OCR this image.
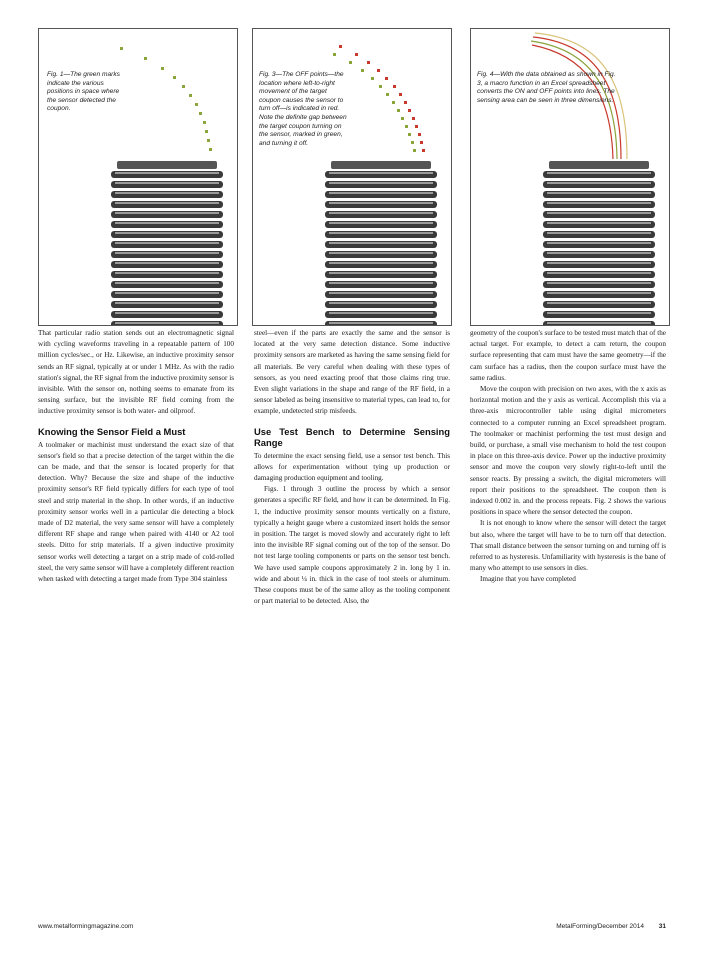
Fig. 1—The green marks indicate the various positions in space where the sensor detected the coupon.
Fig. 3—The OFF points—the location where left-to-right movement of the target coupon causes the sensor to turn off—is indicated in red. Note the definite gap between the target coupon turning on the sensor, marked in green, and turning it off.
Fig. 4—With the data obtained as shown in Fig. 3, a macro function in an Excel spreadsheet converts the ON and OFF points into lines. The sensing area can be seen in three dimensions.

That particular radio station sends out an electromagnetic signal with cycling waveforms traveling in a repeatable pattern of 100 million cycles/sec., or Hz. Likewise, an inductive proximity sensor sends an RF signal, typically at or under 1 MHz. As with the radio station's signal, the RF signal from the inductive proximity sensor is invisible. With the sensor on, nothing seems to emanate from its sensing surface, but the invisible RF field coming from the inductive proximity sensor is both water- and oilproof.

Knowing the Sensor Field a Must

A toolmaker or machinist must understand the exact size of that sensor's field so that a precise detection of the target within the die can be made, and that the sensor is located properly for that detection. Why? Because the size and shape of the inductive proximity sensor's RF field typically differs for each type of tool steel and strip material in the shop. In other words, if an inductive proximity sensor works well in a particular die detecting a block made of D2 material, the very same sensor will have a completely different RF shape and range when paired with 4140 or A2 tool steels. Ditto for strip materials. If a given inductive proximity sensor works well detecting a target on a strip made of cold-rolled steel, the very same sensor will have a completely different reaction when tasked with detecting a target made from Type 304 stainless

steel—even if the parts are exactly the same and the sensor is located at the very same detection distance. Some inductive proximity sensors are marketed as having the same sensing field for all materials. Be very careful when dealing with these types of sensors, as you need exacting proof that those claims ring true. Even slight variations in the shape and range of the RF field, in a sensor labeled as being insensitive to material types, can lead to, for example, undetected strip misfeeds.

Use Test Bench to Determine Sensing Range

To determine the exact sensing field, use a sensor test bench. This allows for experimentation without tying up production or damaging production equipment and tooling.

Figs. 1 through 3 outline the process by which a sensor generates a specific RF field, and how it can be determined. In Fig. 1, the inductive proximity sensor mounts vertically on a fixture, typically a height gauge where a customized insert holds the sensor in position. The target is moved slowly and accurately right to left into the invisible RF signal coming out of the top of the sensor. Do not test large tooling components or parts on the sensor test bench. We have used sample coupons approximately 2 in. long by 1 in. wide and about ¼ in. thick in the case of tool steels or aluminum. These coupons must be of the same alloy as the tooling component or part material to be detected. Also, the

geometry of the coupon's surface to be tested must match that of the actual target. For example, to detect a cam return, the coupon surface representing that cam must have the same geometry—if the cam surface has a radius, then the coupon surface must have the same radius.

Move the coupon with precision on two axes, with the x axis as horizontal motion and the y axis as vertical. Accomplish this via a three-axis microcontroller table using digital micrometers connected to a computer running an Excel spreadsheet program. The toolmaker or machinist performing the test must design and build, or purchase, a small vise mechanism to hold the test coupon in place on this three-axis device. Power up the inductive proximity sensor and move the coupon very slowly right-to-left until the sensor reacts. By pressing a switch, the digital micrometers will report their positions to the spreadsheet. The coupon then is indexed 0.002 in. and the process repeats. Fig. 2 shows the various positions in space where the sensor detected the coupon.

It is not enough to know where the sensor will detect the target but also, where the target will have to be to turn off that detection. That small distance between the sensor turning on and turning off is referred to as hysteresis. Unfamiliarity with hysteresis is the bane of many who attempt to use sensors in dies.

Imagine that you have completed

www.metalformingmagazine.com	MetalForming/December 2014 31
